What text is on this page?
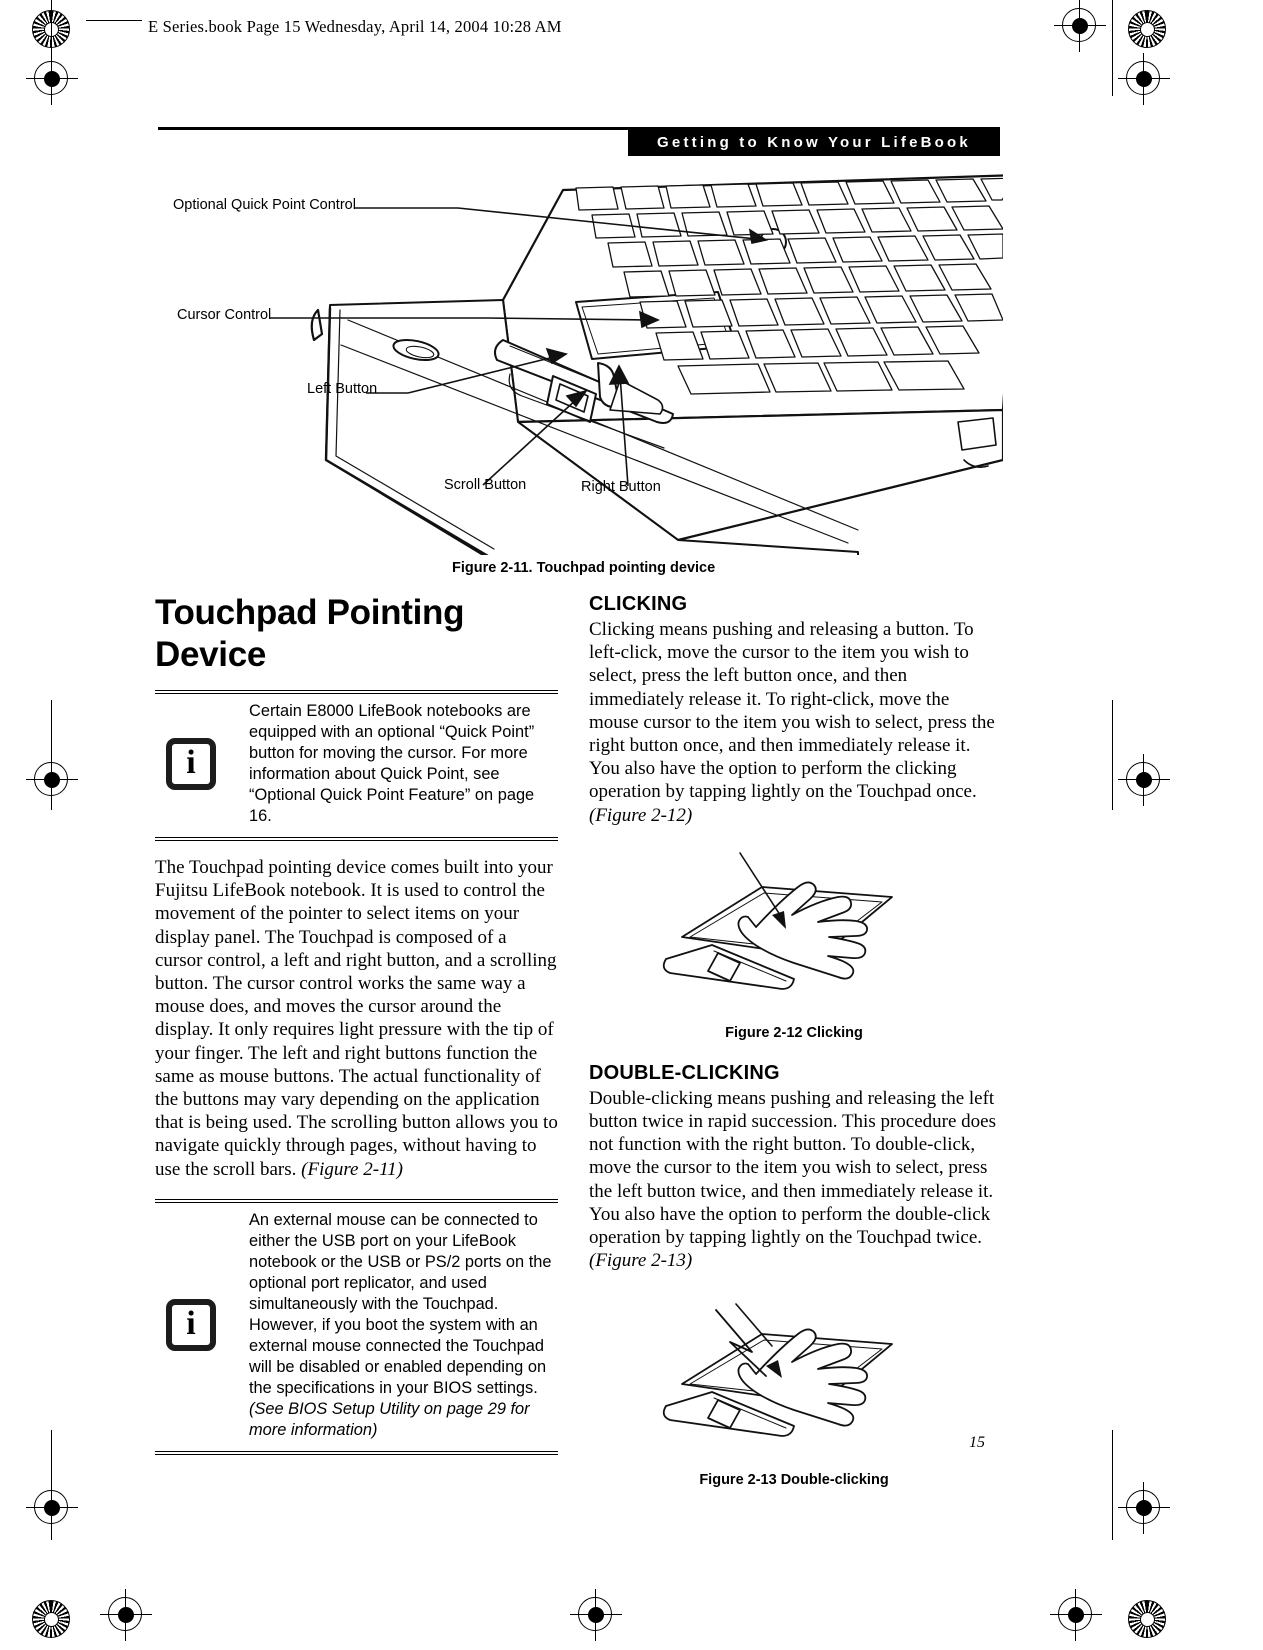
E Series.book Page 15 Wednesday, April 14, 2004 10:28 AM
Getting to Know Your LifeBook
Optional Quick Point Control
Cursor Control
Left Button
Scroll Button	Right Button
Figure 2-11. Touchpad pointing device
Touchpad Pointing Device
i
Certain E8000 LifeBook notebooks are equipped with an optional “Quick Point” button for moving the cursor. For more information about Quick Point, see “Optional Quick Point Feature” on page 16.

The Touchpad pointing device comes built into your Fujitsu LifeBook notebook. It is used to control the movement of the pointer to select items on your display panel. The Touchpad is composed of a cursor control, a left and right button, and a scrolling button. The cursor control works the same way a mouse does, and moves the cursor around the display. It only requires light pressure with the tip of your finger. The left and right buttons function the same as mouse buttons. The actual functionality of the buttons may vary depending on the application that is being used. The scrolling button allows you to navigate quickly through pages, without having to use the scroll bars. (Figure 2-11)

i
An external mouse can be connected to either the USB port on your LifeBook notebook or the USB or PS/2 ports on the optional port replicator, and used simultaneously with the Touchpad. However, if you boot the system with an external mouse connected the Touchpad will be disabled or enabled depending on the specifications in your BIOS settings. (See BIOS Setup Utility on page 29 for more information)
CLICKING

Clicking means pushing and releasing a button. To left-click, move the cursor to the item you wish to select, press the left button once, and then immediately release it. To right-click, move the mouse cursor to the item you wish to select, press the right button once, and then immediately release it. You also have the option to perform the clicking operation by tapping lightly on the Touchpad once. (Figure 2-12)

Figure 2-12 Clicking
DOUBLE-CLICKING

Double-clicking means pushing and releasing the left button twice in rapid succession. This procedure does not function with the right button. To double-click, move the cursor to the item you wish to select, press the left button twice, and then immediately release it. You also have the option to perform the double-click operation by tapping lightly on the Touchpad twice. (Figure 2-13)

Figure 2-13 Double-clicking
15
